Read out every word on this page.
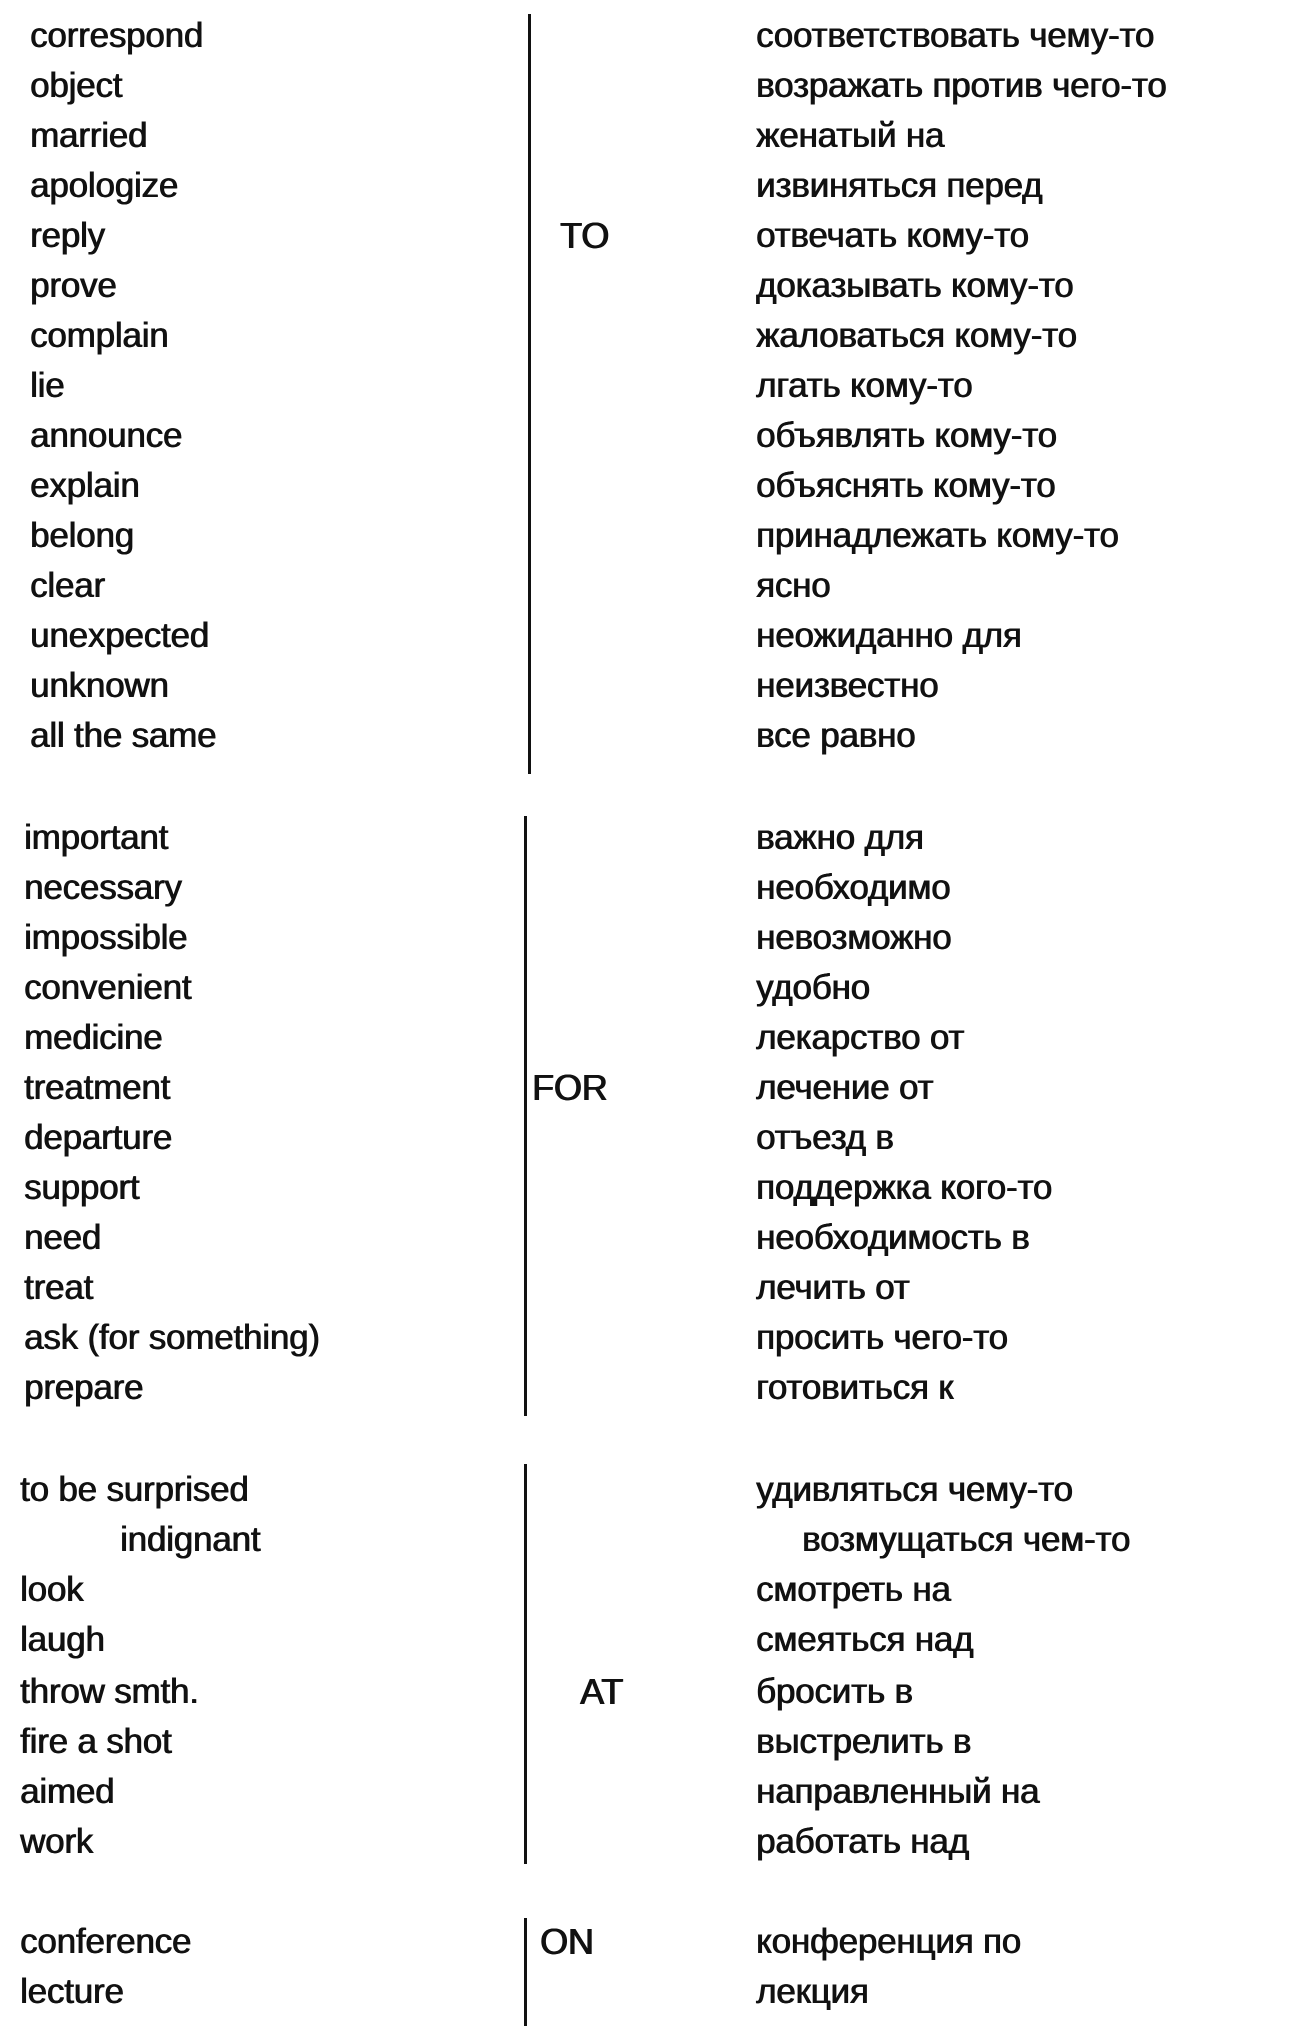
correspond	соответствовать чему-то
object	возражать против чего-то
married	женатый на
apologize	извиняться перед
reply	TO	отвечать кому-то
prove	доказывать кому-то
complain	жаловаться кому-то
lie	лгать кому-то
announce	объявлять кому-то
explain	объяснять кому-то
belong	принадлежать кому-то
clear	ясно
unexpected	неожиданно для
unknown	неизвестно
all the same	все равно
important	важно для
necessary	необходимо
impossible	невозможно
convenient	удобно
medicine	лекарство от
treatment	FOR	лечение от
departure	отъезд в
support	поддержка кого-то
need	необходимость в
treat	лечить от
ask (for something)	просить чего-то
prepare	готовиться к
to be surprised	удивляться чему-то
indignant	возмущаться чем-то
look	смотреть на
laugh	смеяться над
throw smth.	AT	бросить в
fire a shot	выстрелить в
aimed	направленный на
work	работать над
conference	ON	конференция по
lecture	лекция
